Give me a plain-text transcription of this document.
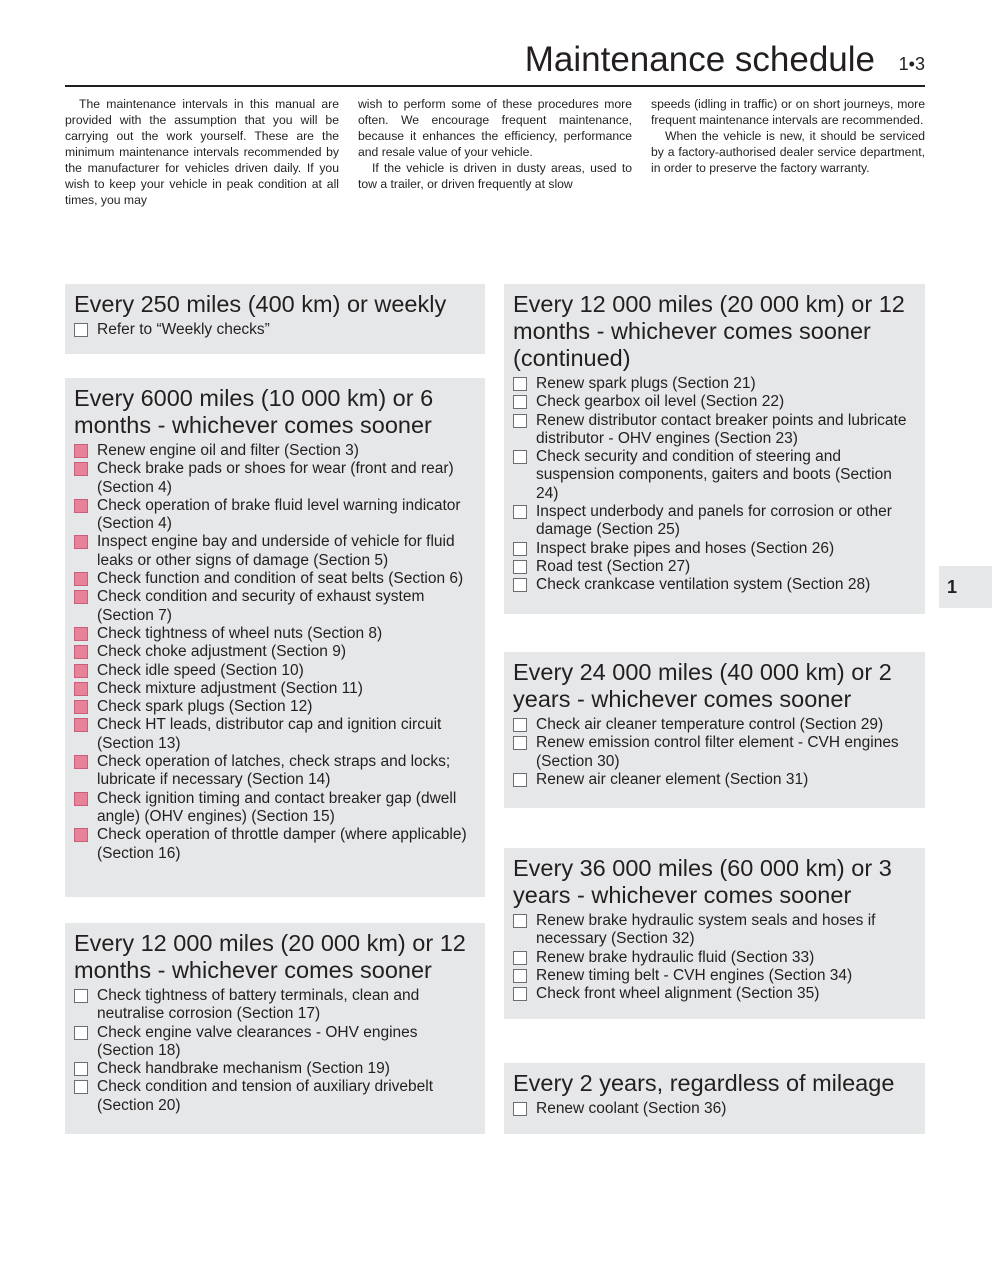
Maintenance schedule 1•3

The maintenance intervals in this manual are provided with the assumption that you will be carrying out the work yourself. These are the minimum maintenance intervals recommended by the manufacturer for vehicles driven daily. If you wish to keep your vehicle in peak condition at all times, you may

wish to perform some of these procedures more often. We encourage frequent maintenance, because it enhances the efficiency, performance and resale value of your vehicle.

If the vehicle is driven in dusty areas, used to tow a trailer, or driven frequently at slow

speeds (idling in traffic) or on short journeys, more frequent maintenance intervals are recommended.

When the vehicle is new, it should be serviced by a factory-authorised dealer service department, in order to preserve the factory warranty.

Every 250 miles (400 km) or weekly
Refer to “Weekly checks”
Every 6000 miles (10 000 km) or 6 months - whichever comes sooner
Renew engine oil and filter (Section 3)
Check brake pads or shoes for wear (front and rear) (Section 4)
Check operation of brake fluid level warning indicator (Section 4)
Inspect engine bay and underside of vehicle for fluid leaks or other signs of damage (Section 5)
Check function and condition of seat belts (Section 6)
Check condition and security of exhaust system (Section 7)
Check tightness of wheel nuts (Section 8)
Check choke adjustment (Section 9)
Check idle speed (Section 10)
Check mixture adjustment (Section 11)
Check spark plugs (Section 12)
Check HT leads, distributor cap and ignition circuit (Section 13)
Check operation of latches, check straps and locks; lubricate if necessary (Section 14)
Check ignition timing and contact breaker gap (dwell angle) (OHV engines) (Section 15)
Check operation of throttle damper (where applicable) (Section 16)
Every 12 000 miles (20 000 km) or 12 months - whichever comes sooner
Check tightness of battery terminals, clean and neutralise corrosion (Section 17)
Check engine valve clearances - OHV engines (Section 18)
Check handbrake mechanism (Section 19)
Check condition and tension of auxiliary drivebelt (Section 20)
Every 12 000 miles (20 000 km) or 12 months - whichever comes sooner (continued)
Renew spark plugs (Section 21)
Check gearbox oil level (Section 22)
Renew distributor contact breaker points and lubricate distributor - OHV engines (Section 23)
Check security and condition of steering and suspension components, gaiters and boots (Section 24)
Inspect underbody and panels for corrosion or other damage (Section 25)
Inspect brake pipes and hoses (Section 26)
Road test (Section 27)
Check crankcase ventilation system (Section 28)
Every 24 000 miles (40 000 km) or 2 years - whichever comes sooner
Check air cleaner temperature control (Section 29)
Renew emission control filter element - CVH engines (Section 30)
Renew air cleaner element (Section 31)
Every 36 000 miles (60 000 km) or 3 years - whichever comes sooner
Renew brake hydraulic system seals and hoses if necessary (Section 32)
Renew brake hydraulic fluid (Section 33)
Renew timing belt - CVH engines (Section 34)
Check front wheel alignment (Section 35)
Every 2 years, regardless of mileage
Renew coolant (Section 36)
1
